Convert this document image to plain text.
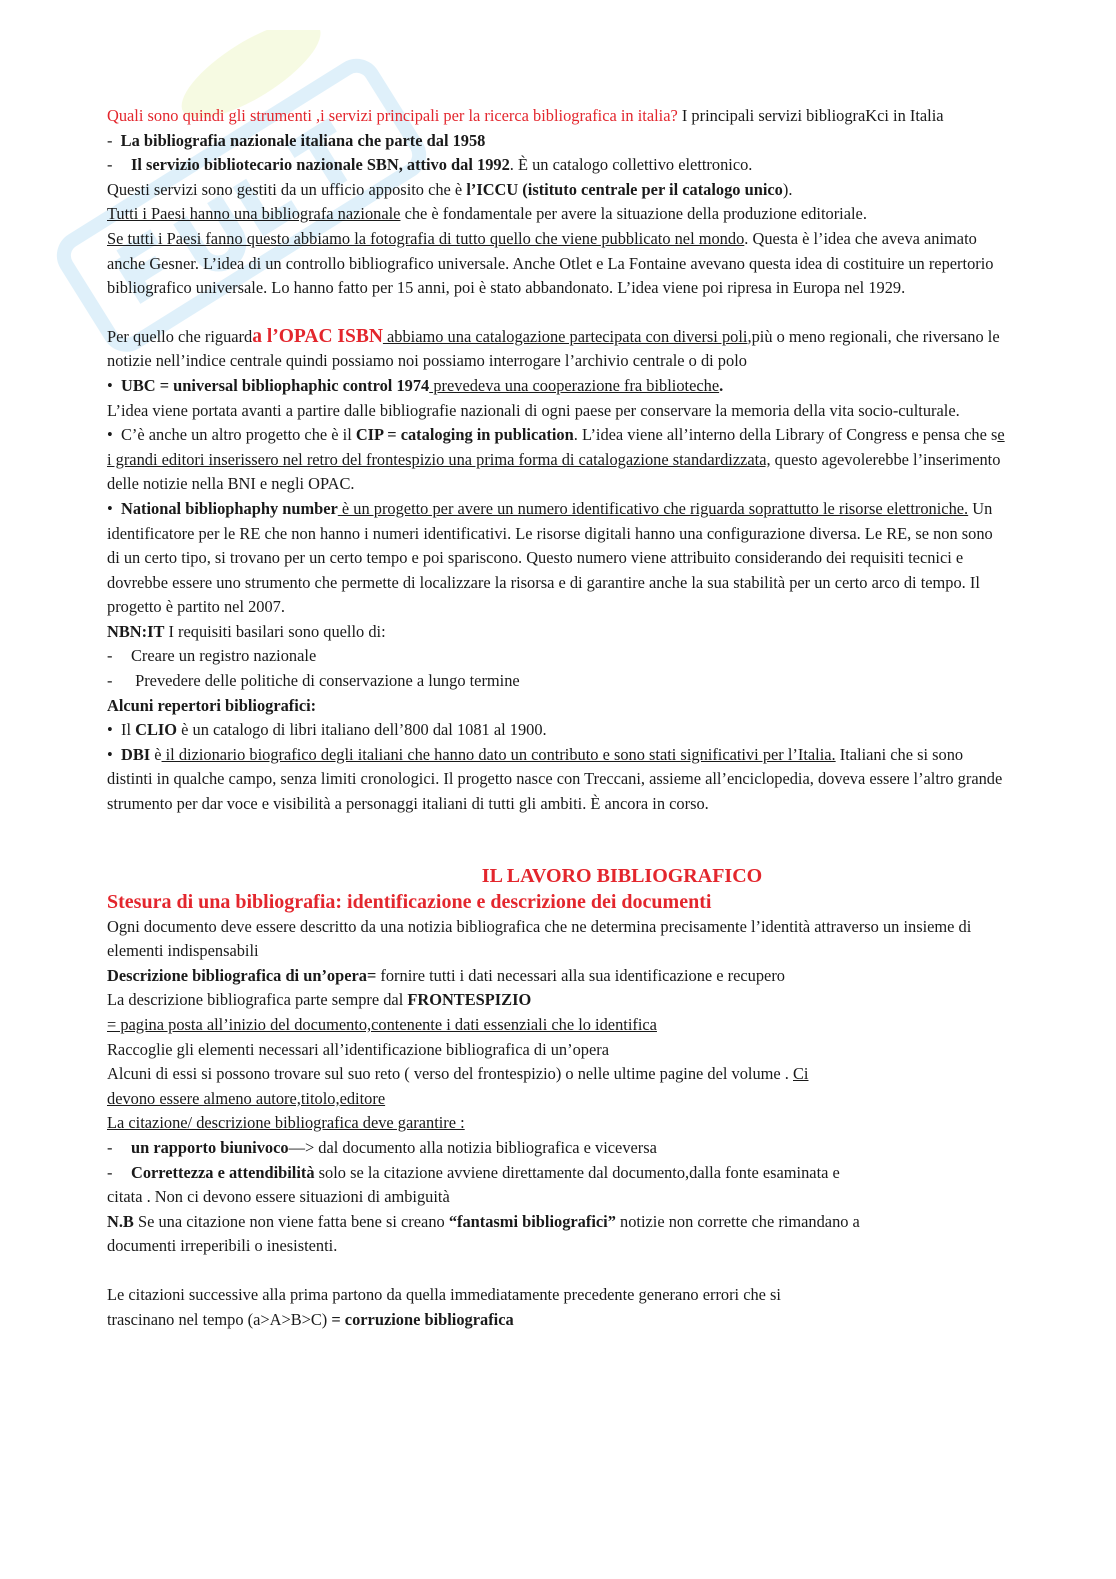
Quali sono quindi gli strumenti ,i servizi principali per la ricerca bibliografica in italia? I principali servizi bibliograKci in Italia

- La bibliografia nazionale italiana che parte dal 1958

- Il servizio bibliotecario nazionale SBN, attivo dal 1992. È un catalogo collettivo elettronico.

Questi servizi sono gestiti da un ufficio apposito che è l’ICCU (istituto centrale per il catalogo unico).

Tutti i Paesi hanno una bibliografa nazionale che è fondamentale per avere la situazione della produzione editoriale.
Se tutti i Paesi fanno questo abbiamo la fotografia di tutto quello che viene pubblicato nel mondo. Questa è l’idea che aveva animato anche Gesner. L’idea di un controllo bibliografico universale. Anche Otlet e La Fontaine avevano questa idea di costituire un repertorio bibliografico universale. Lo hanno fatto per 15 anni, poi è stato abbandonato. L’idea viene poi ripresa in Europa nel 1929.

Per quello che riguarda l’OPAC ISBN abbiamo una catalogazione partecipata con diversi poli,più o meno regionali, che riversano le notizie nell’indice centrale quindi possiamo noi possiamo interrogare l’archivio centrale o di polo

• UBC = universal bibliophaphic control 1974 prevedeva una cooperazione fra biblioteche.

L’idea viene portata avanti a partire dalle bibliografie nazionali di ogni paese per conservare la memoria della vita socio-culturale.

• C’è anche un altro progetto che è il CIP = cataloging in publication. L’idea viene all’interno della Library of Congress e pensa che se i grandi editori inserissero nel retro del frontespizio una prima forma di catalogazione standardizzata, questo agevolerebbe l’inserimento delle notizie nella BNI e negli OPAC.

• National bibliophaphy number è un progetto per avere un numero identificativo che riguarda soprattutto le risorse elettroniche. Un identificatore per le RE che non hanno i numeri identificativi. Le risorse digitali hanno una configurazione diversa. Le RE, se non sono di un certo tipo, si trovano per un certo tempo e poi spariscono. Questo numero viene attribuito considerando dei requisiti tecnici e dovrebbe essere uno strumento che permette di localizzare la risorsa e di garantire anche la sua stabilità per un certo arco di tempo. Il progetto è partito nel 2007.

NBN:IT I requisiti basilari sono quello di:

- Creare un registro nazionale

- Prevedere delle politiche di conservazione a lungo termine

Alcuni repertori bibliografici:

• Il CLIO è un catalogo di libri italiano dell’800 dal 1081 al 1900.

• DBI è il dizionario biografico degli italiani che hanno dato un contributo e sono stati significativi per l’Italia. Italiani che si sono distinti in qualche campo, senza limiti cronologici. Il progetto nasce con Treccani, assieme all’enciclopedia, doveva essere l’altro grande strumento per dar voce e visibilità a personaggi italiani di tutti gli ambiti. È ancora in corso.

IL LAVORO BIBLIOGRAFICO
Stesura di una bibliografia: identificazione e descrizione dei documenti

Ogni documento deve essere descritto da una notizia bibliografica che ne determina precisamente l’identità attraverso un insieme di elementi indispensabili

Descrizione bibliografica di un’opera= fornire tutti i dati necessari alla sua identificazione e recupero

La descrizione bibliografica parte sempre dal FRONTESPIZIO

= pagina posta all’inizio del documento,contenente i dati essenziali che lo identifica

Raccoglie gli elementi necessari all’identificazione bibliografica di un’opera

Alcuni di essi si possono trovare sul suo reto ( verso del frontespizio) o nelle ultime pagine del volume . Ci devono essere almeno autore,titolo,editore

La citazione/ descrizione bibliografica deve garantire :

- un rapporto biunivoco—> dal documento alla notizia bibliografica e viceversa

- Correttezza e attendibilità solo se la citazione avviene direttamente dal documento,dalla fonte esaminata e citata . Non ci devono essere situazioni di ambiguità

N.B Se una citazione non viene fatta bene si creano “fantasmi bibliografici” notizie non corrette che rimandano a documenti irreperibili o inesistenti.

Le citazioni successive alla prima partono da quella immediatamente precedente generano errori che si trascinano nel tempo (a>A>B>C) = corruzione bibliografica
